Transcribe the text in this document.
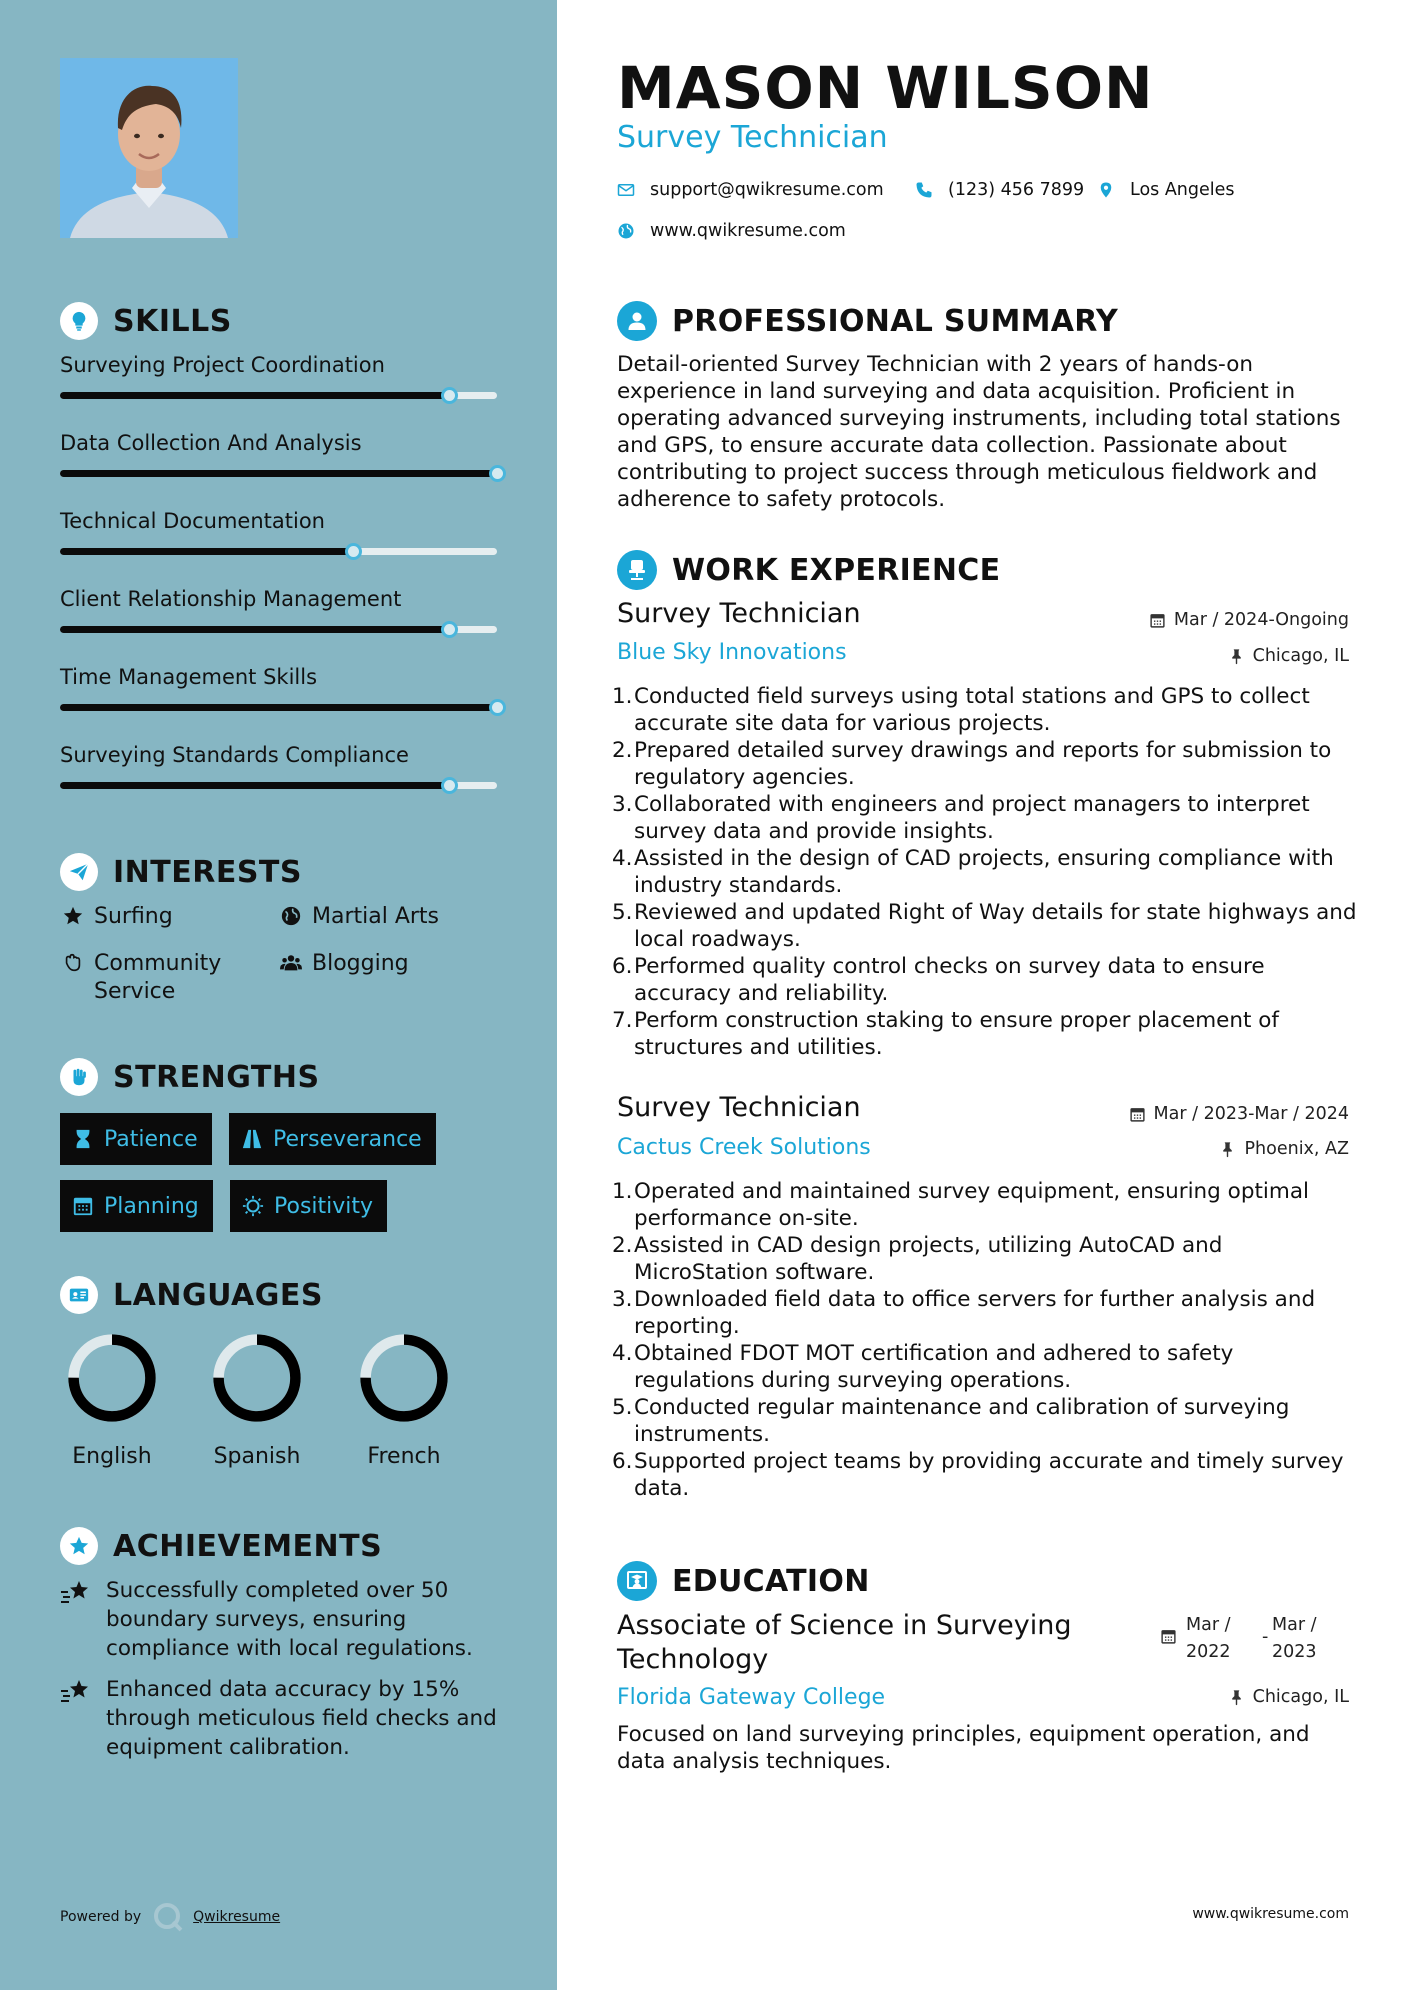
SKILLS
Surveying Project Coordination
Data Collection And Analysis
Technical Documentation
Client Relationship Management
Time Management Skills
Surveying Standards Compliance
INTERESTS
Surfing	Martial Arts
Community Service
Blogging
STRENGTHS
Patience	Perseverance
Planning	Positivity
LANGUAGES
English	Spanish	French
ACHIEVEMENTS
Successfully completed over 50 boundary surveys, ensuring compliance with local regulations.
Enhanced data accuracy by 15% through meticulous field checks and equipment calibration.
Powered by	Qwikresume
MASON WILSON
Survey Technician
support@qwikresume.com	(123) 456 7899	Los Angeles
www.qwikresume.com
PROFESSIONAL SUMMARY
Detail-oriented Survey Technician with 2 years of hands-on experience in land surveying and data acquisition. Proficient in operating advanced surveying instruments, including total stations and GPS, to ensure accurate data collection. Passionate about contributing to project success through meticulous fieldwork and adherence to safety protocols.
WORK EXPERIENCE
Survey Technician	Mar / 2024-Ongoing
Blue Sky Innovations	Chicago, IL
1. Conducted field surveys using total stations and GPS to collect accurate site data for various projects.
2. Prepared detailed survey drawings and reports for submission to regulatory agencies.
3. Collaborated with engineers and project managers to interpret survey data and provide insights.
4. Assisted in the design of CAD projects, ensuring compliance with industry standards.
5. Reviewed and updated Right of Way details for state highways and local roadways.
6. Performed quality control checks on survey data to ensure accuracy and reliability.
7. Perform construction staking to ensure proper placement of structures and utilities.
Survey Technician	Mar / 2023-Mar / 2024
Cactus Creek Solutions	Phoenix, AZ
1. Operated and maintained survey equipment, ensuring optimal performance on-site.
2. Assisted in CAD design projects, utilizing AutoCAD and MicroStation software.
3. Downloaded field data to office servers for further analysis and reporting.
4. Obtained FDOT MOT certification and adhered to safety regulations during surveying operations.
5. Conducted regular maintenance and calibration of surveying instruments.
6. Supported project teams by providing accurate and timely survey data.
EDUCATION
Associate of Science in Surveying Technology
Mar / 2022
-
Mar / 2023
Florida Gateway College	Chicago, IL
Focused on land surveying principles, equipment operation, and data analysis techniques.
www.qwikresume.com
